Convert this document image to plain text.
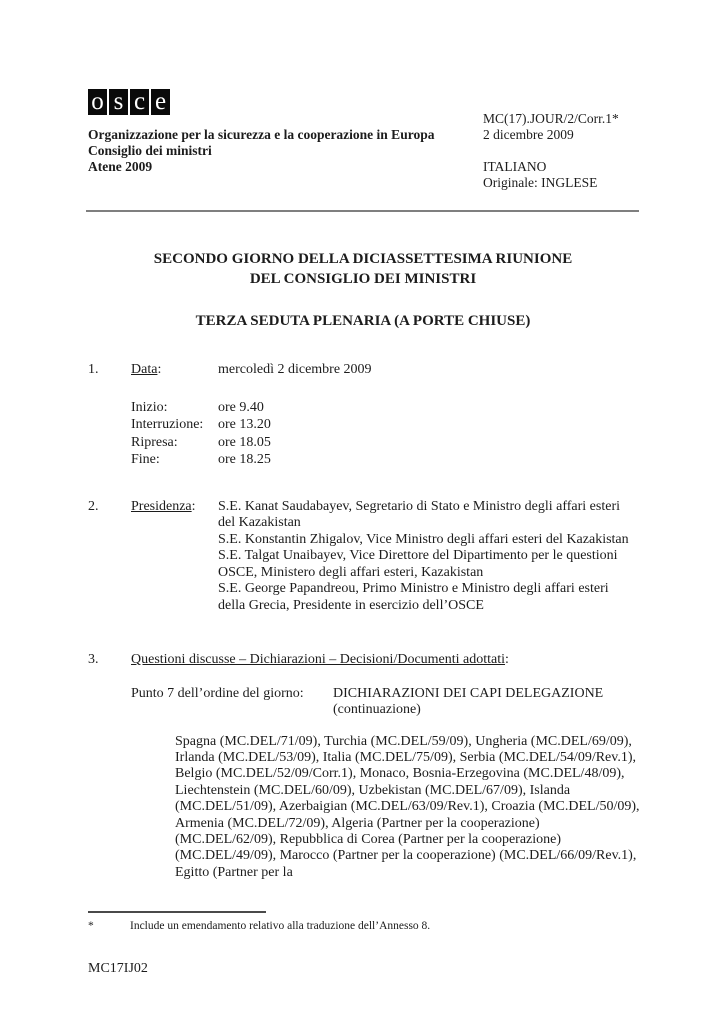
o s c e
Organizzazione per la sicurezza e la cooperazione in Europa
Consiglio dei ministri
Atene 2009
MC(17).JOUR/2/Corr.1*
2 dicembre 2009
ITALIANO
Originale: INGLESE
SECONDO GIORNO DELLA DICIASSETTESIMA RIUNIONE
DEL CONSIGLIO DEI MINISTRI
TERZA SEDUTA PLENARIA (A PORTE CHIUSE)
1.	Data:	mercoledì 2 dicembre 2009
Inizio:	ore 9.40
Interruzione:	ore 13.20
Ripresa:	ore 18.05
Fine:	ore 18.25
2.	Presidenza:	S.E. Kanat Saudabayev, Segretario di Stato e Ministro degli affari esteri del Kazakistan
S.E. Konstantin Zhigalov, Vice Ministro degli affari esteri del Kazakistan
S.E. Talgat Unaibayev, Vice Direttore del Dipartimento per le questioni OSCE, Ministero degli affari esteri, Kazakistan
S.E. George Papandreou, Primo Ministro e Ministro degli affari esteri della Grecia, Presidente in esercizio dell’OSCE
3.	Questioni discusse – Dichiarazioni – Decisioni/Documenti adottati:
Punto 7 dell’ordine del giorno:	DICHIARAZIONI DEI CAPI DELEGAZIONE
(continuazione)
Spagna (MC.DEL/71/09), Turchia (MC.DEL/59/09), Ungheria (MC.DEL/69/09), Irlanda (MC.DEL/53/09), Italia (MC.DEL/75/09), Serbia (MC.DEL/54/09/Rev.1), Belgio (MC.DEL/52/09/Corr.1), Monaco, Bosnia-Erzegovina (MC.DEL/48/09), Liechtenstein (MC.DEL/60/09), Uzbekistan (MC.DEL/67/09), Islanda (MC.DEL/51/09), Azerbaigian (MC.DEL/63/09/Rev.1), Croazia (MC.DEL/50/09), Armenia (MC.DEL/72/09), Algeria (Partner per la cooperazione) (MC.DEL/62/09), Repubblica di Corea (Partner per la cooperazione) (MC.DEL/49/09), Marocco (Partner per la cooperazione) (MC.DEL/66/09/Rev.1), Egitto (Partner per la
*	Include un emendamento relativo alla traduzione dell’Annesso 8.
MC17IJ02
